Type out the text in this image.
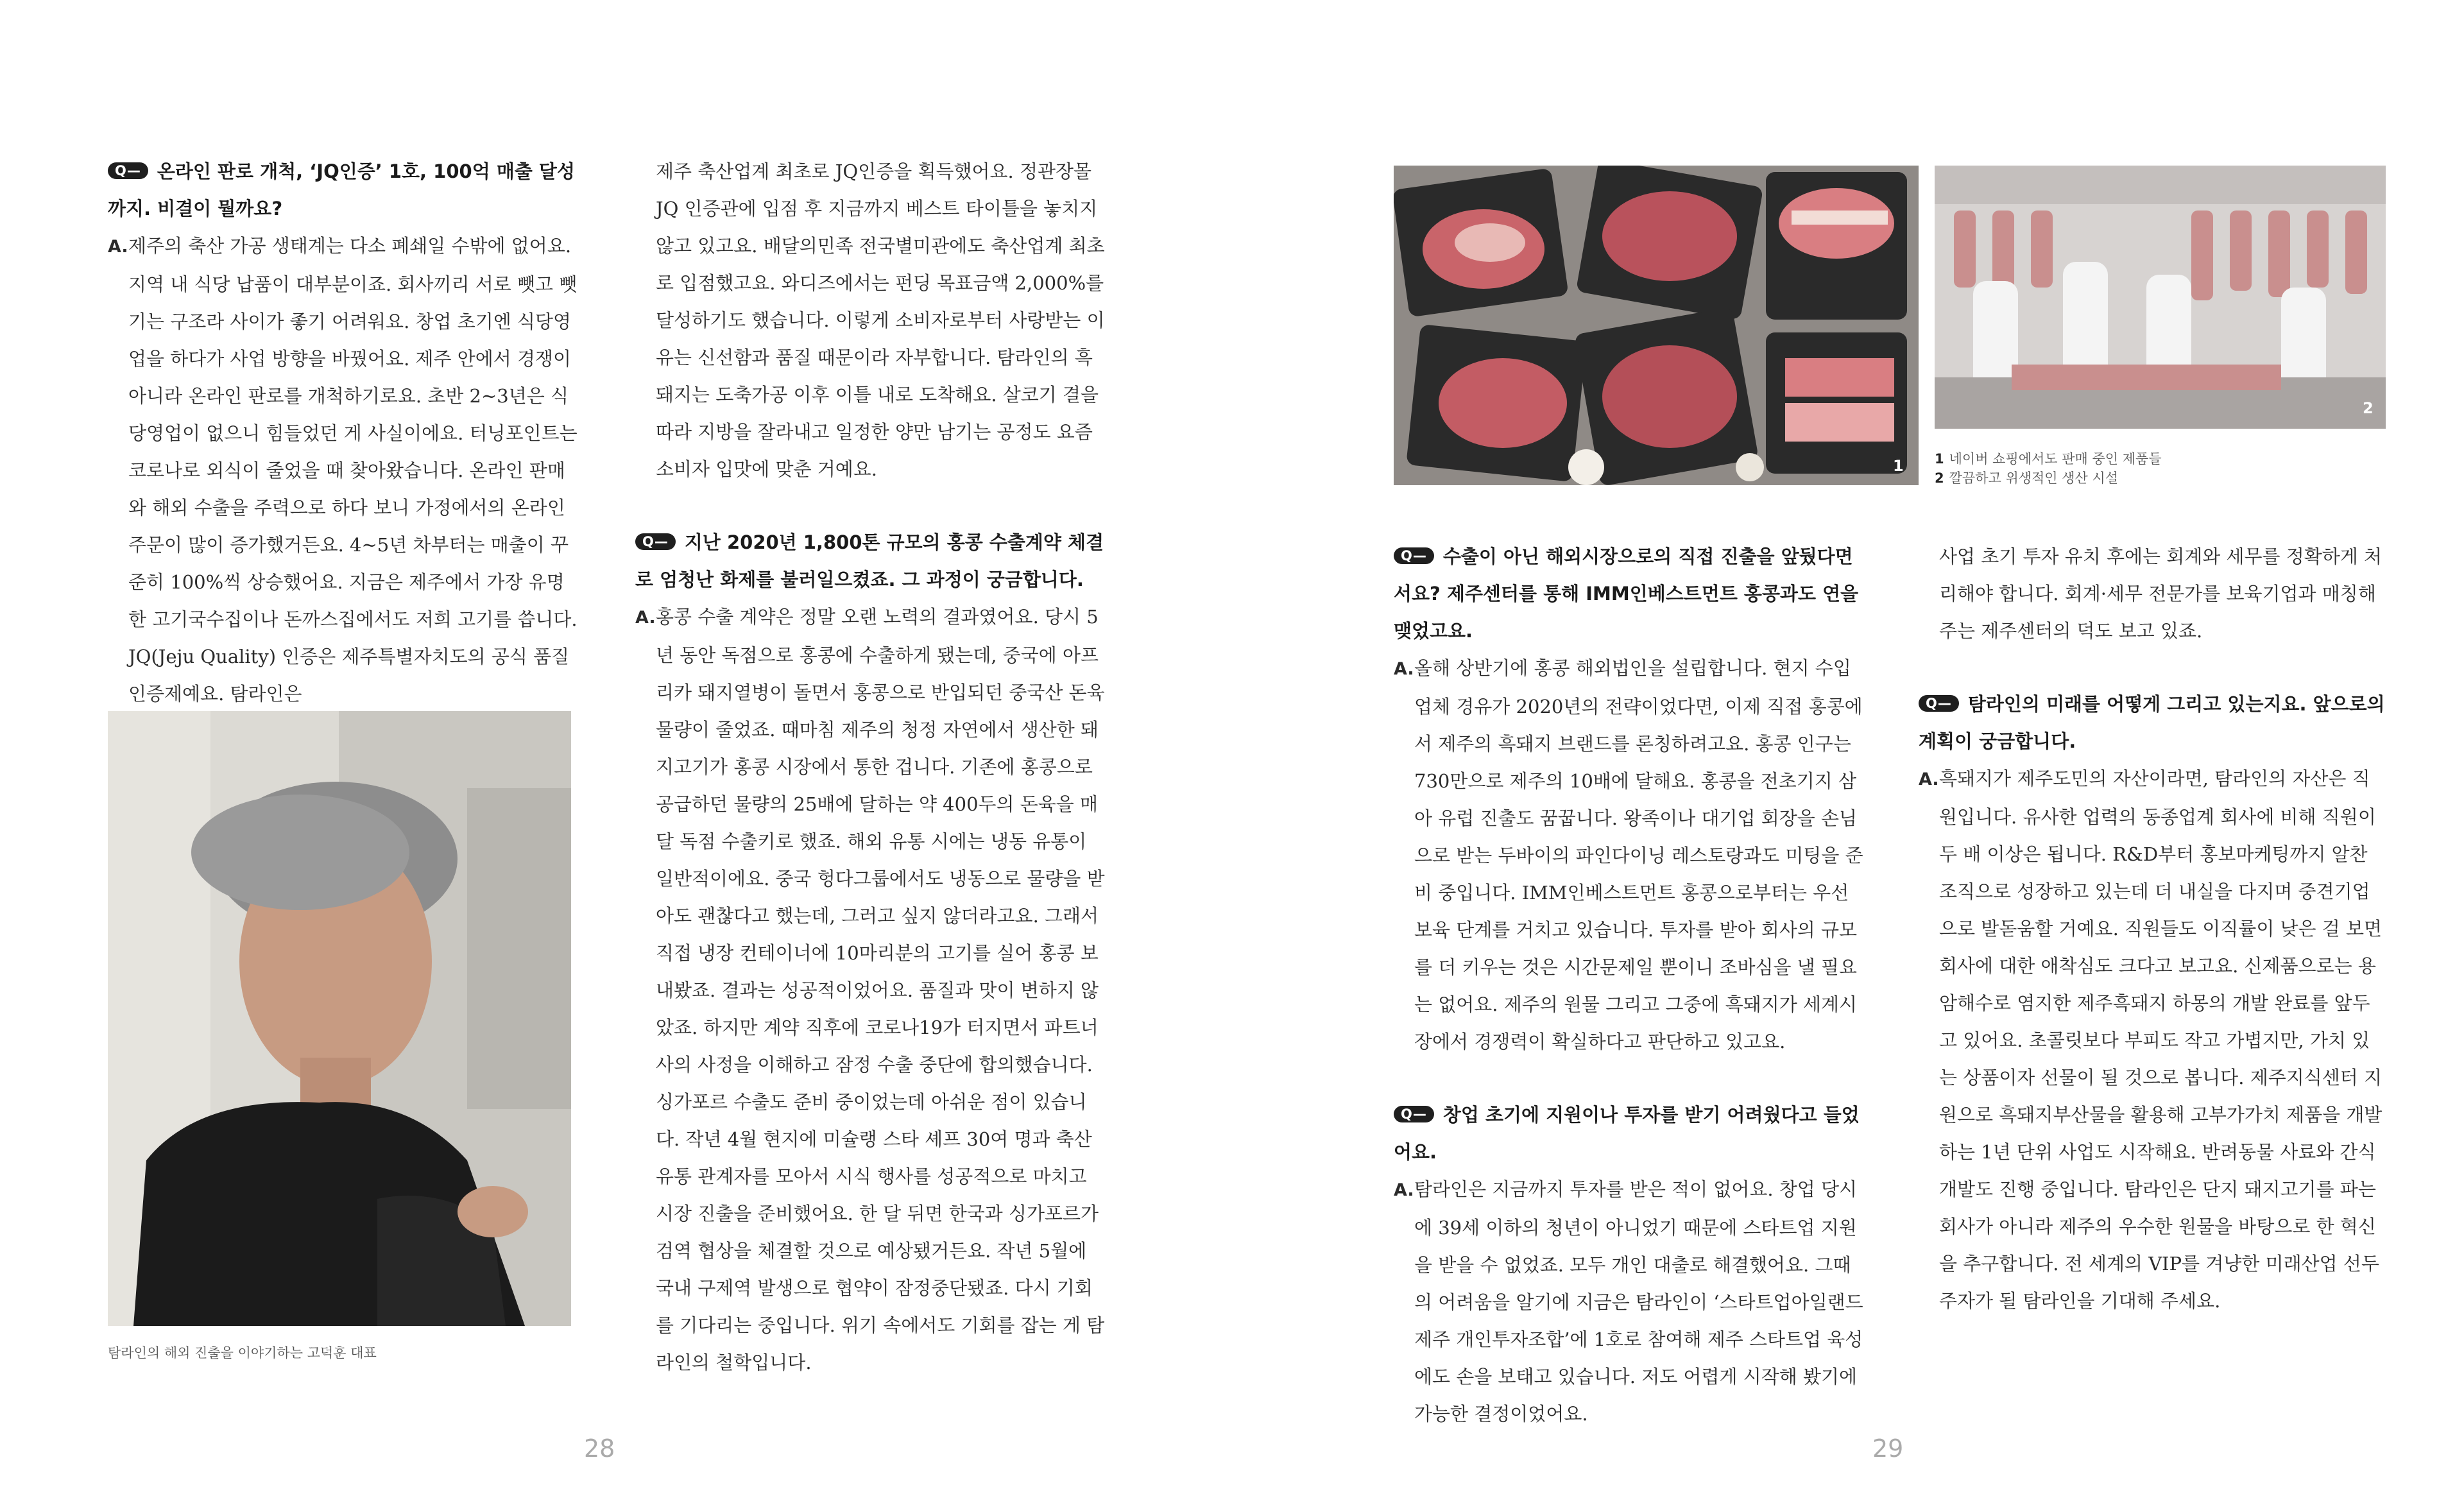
Q— 온라인 판로 개척, ‘JQ인증’ 1호, 100억 매출 달성까지. 비결이 뭘까요?

A.제주의 축산 가공 생태계는 다소 폐쇄일 수밖에 없어요. 지역 내 식당 납품이 대부분이죠. 회사끼리 서로 뺏고 뺏기는 구조라 사이가 좋기 어려워요. 창업 초기엔 식당영업을 하다가 사업 방향을 바꿨어요. 제주 안에서 경쟁이 아니라 온라인 판로를 개척하기로요. 초반 2~3년은 식당영업이 없으니 힘들었던 게 사실이에요. 터닝포인트는 코로나로 외식이 줄었을 때 찾아왔습니다. 온라인 판매와 해외 수출을 주력으로 하다 보니 가정에서의 온라인 주문이 많이 증가했거든요. 4~5년 차부터는 매출이 꾸준히 100%씩 상승했어요. 지금은 제주에서 가장 유명한 고기국수집이나 돈까스집에서도 저희 고기를 씁니다. JQ(Jeju Quality) 인증은 제주특별자치도의 공식 품질인증제예요. 탐라인은

탐라인의 해외 진출을 이야기하는 고덕훈 대표

제주 축산업계 최초로 JQ인증을 획득했어요. 정관장몰 JQ 인증관에 입점 후 지금까지 베스트 타이틀을 놓치지 않고 있고요. 배달의민족 전국별미관에도 축산업계 최초로 입점했고요. 와디즈에서는 펀딩 목표금액 2,000%를 달성하기도 했습니다. 이렇게 소비자로부터 사랑받는 이유는 신선함과 품질 때문이라 자부합니다. 탐라인의 흑돼지는 도축가공 이후 이틀 내로 도착해요. 살코기 결을 따라 지방을 잘라내고 일정한 양만 남기는 공정도 요즘 소비자 입맛에 맞춘 거예요.

Q— 지난 2020년 1,800톤 규모의 홍콩 수출계약 체결로 엄청난 화제를 불러일으켰죠. 그 과정이 궁금합니다.

A.홍콩 수출 계약은 정말 오랜 노력의 결과였어요. 당시 5년 동안 독점으로 홍콩에 수출하게 됐는데, 중국에 아프리카 돼지열병이 돌면서 홍콩으로 반입되던 중국산 돈육 물량이 줄었죠. 때마침 제주의 청정 자연에서 생산한 돼지고기가 홍콩 시장에서 통한 겁니다. 기존에 홍콩으로 공급하던 물량의 25배에 달하는 약 400두의 돈육을 매달 독점 수출키로 했죠. 해외 유통 시에는 냉동 유통이 일반적이에요. 중국 헝다그룹에서도 냉동으로 물량을 받아도 괜찮다고 했는데, 그러고 싶지 않더라고요. 그래서 직접 냉장 컨테이너에 10마리분의 고기를 실어 홍콩 보내봤죠. 결과는 성공적이었어요. 품질과 맛이 변하지 않았죠. 하지만 계약 직후에 코로나19가 터지면서 파트너사의 사정을 이해하고 잠정 수출 중단에 합의했습니다.

싱가포르 수출도 준비 중이었는데 아쉬운 점이 있습니다. 작년 4월 현지에 미슐랭 스타 셰프 30여 명과 축산유통 관계자를 모아서 시식 행사를 성공적으로 마치고 시장 진출을 준비했어요. 한 달 뒤면 한국과 싱가포르가 검역 협상을 체결할 것으로 예상됐거든요. 작년 5월에 국내 구제역 발생으로 협약이 잠정중단됐죠. 다시 기회를 기다리는 중입니다. 위기 속에서도 기회를 잡는 게 탐라인의 철학입니다.

28
1
2
1 네이버 쇼핑에서도 판매 중인 제품들
2 깔끔하고 위생적인 생산 시설

Q— 수출이 아닌 해외시장으로의 직접 진출을 앞뒀다면서요? 제주센터를 통해 IMM인베스트먼트 홍콩과도 연을 맺었고요.

A.올해 상반기에 홍콩 해외법인을 설립합니다. 현지 수입업체 경유가 2020년의 전략이었다면, 이제 직접 홍콩에서 제주의 흑돼지 브랜드를 론칭하려고요. 홍콩 인구는 730만으로 제주의 10배에 달해요. 홍콩을 전초기지 삼아 유럽 진출도 꿈꿉니다. 왕족이나 대기업 회장을 손님으로 받는 두바이의 파인다이닝 레스토랑과도 미팅을 준비 중입니다. IMM인베스트먼트 홍콩으로부터는 우선 보육 단계를 거치고 있습니다. 투자를 받아 회사의 규모를 더 키우는 것은 시간문제일 뿐이니 조바심을 낼 필요는 없어요. 제주의 원물 그리고 그중에 흑돼지가 세계시장에서 경쟁력이 확실하다고 판단하고 있고요.

Q— 창업 초기에 지원이나 투자를 받기 어려웠다고 들었어요.

A.탐라인은 지금까지 투자를 받은 적이 없어요. 창업 당시에 39세 이하의 청년이 아니었기 때문에 스타트업 지원을 받을 수 없었죠. 모두 개인 대출로 해결했어요. 그때의 어려움을 알기에 지금은 탐라인이 ‘스타트업아일랜드 제주 개인투자조합’에 1호로 참여해 제주 스타트업 육성에도 손을 보태고 있습니다. 저도 어렵게 시작해 봤기에 가능한 결정이었어요.

사업 초기 투자 유치 후에는 회계와 세무를 정확하게 처리해야 합니다. 회계·세무 전문가를 보육기업과 매칭해 주는 제주센터의 덕도 보고 있죠.

Q— 탐라인의 미래를 어떻게 그리고 있는지요. 앞으로의 계획이 궁금합니다.

A.흑돼지가 제주도민의 자산이라면, 탐라인의 자산은 직원입니다. 유사한 업력의 동종업계 회사에 비해 직원이 두 배 이상은 됩니다. R&D부터 홍보마케팅까지 알찬 조직으로 성장하고 있는데 더 내실을 다지며 중견기업으로 발돋움할 거예요. 직원들도 이직률이 낮은 걸 보면 회사에 대한 애착심도 크다고 보고요. 신제품으로는 용암해수로 염지한 제주흑돼지 하몽의 개발 완료를 앞두고 있어요. 초콜릿보다 부피도 작고 가볍지만, 가치 있는 상품이자 선물이 될 것으로 봅니다. 제주지식센터 지원으로 흑돼지부산물을 활용해 고부가가치 제품을 개발하는 1년 단위 사업도 시작해요. 반려동물 사료와 간식 개발도 진행 중입니다. 탐라인은 단지 돼지고기를 파는 회사가 아니라 제주의 우수한 원물을 바탕으로 한 혁신을 추구합니다. 전 세계의 VIP를 겨냥한 미래산업 선두 주자가 될 탐라인을 기대해 주세요.

29
